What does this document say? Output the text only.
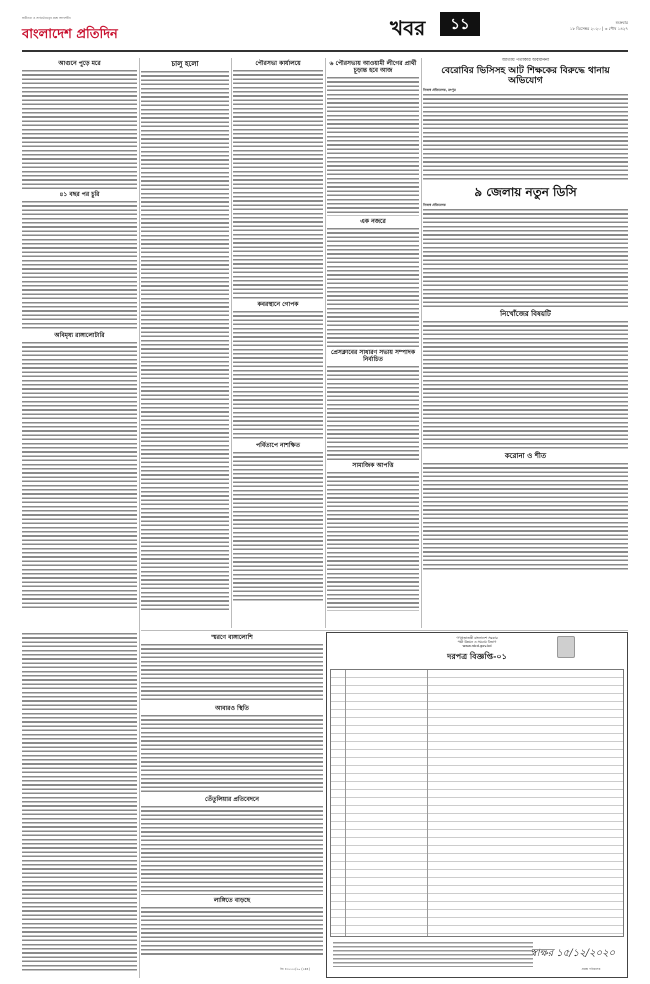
স্বাধীনতা ও সার্বভৌমত্বের প্রশ্নে আপসহীন
বাংলাদেশ প্রতিদিন	খবর	১১	শুক্রবার
১৮ ডিসেম্বর ২০২০ | ৩ পৌষ ১৪২৭
আগুনে পুড়ে মরে
৪১ বছর পর চুরি
অবিমৃষ্য রাঙ্গালোটারি
চালু হলো	পৌরসভা কার্যালয়ে
কবরস্থানে গোপক
পর্বিতাপে নাশক্ষিত
৬ পৌরসভায় আওয়ামী লীগের প্রার্থী চূড়ান্ত হবে আজ
এক নজরে
প্রেসক্লাবের সাধারণ সভায় সম্পাদক নির্বাচিত
সামাজিক আপত্তি
জাতীয় পতাকার অবমাননা
বেরোবির ভিসিসহ আট শিক্ষকের বিরুদ্ধে থানায় অভিযোগ
নিজস্ব প্রতিবেদক, রংপুর
৯ জেলায় নতুন ডিসি
নিজস্ব প্রতিবেদক
নিখোঁজের বিষয়টি
করোনা ও শীত
স্মরণে বাঙ্গালোশি
আবারও স্থিতি
তেঁতুলিয়ার প্রতিবেদনে
লাঙ্গিতে বাড়ছে
গণপ্রজাতন্ত্রী বাংলাদেশ সরকার
পল্লী উন্নয়ন ও সমবায় বিভাগ
www.rdcd.gov.bd
দরপত্র বিজ্ঞপ্তি-০১
স্বাক্ষর ১৫/১২/২০২০
প্রকল্প পরিচালক
জি ৪৩৫৫৫/২০ (২x৪)
